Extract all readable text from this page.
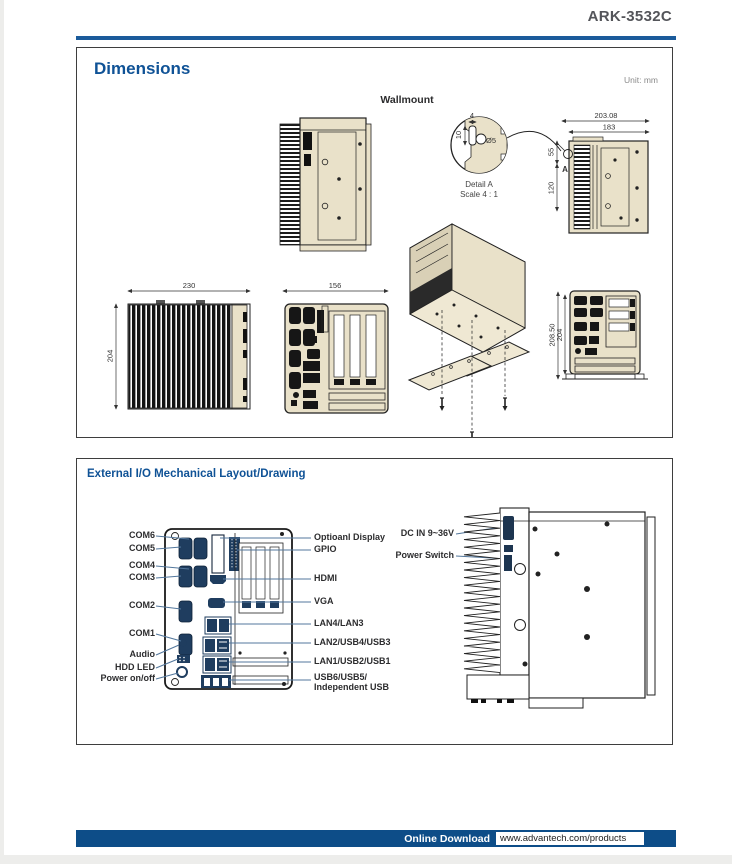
ARK-3532C
Dimensions
Unit: mm
Wallmount
4
10
Ø5
Detail A
Scale 4 : 1
203.08
183
55
120
A
230
204
156
208.50
204
External I/O Mechanical Layout/Drawing
COM6
COM5
COM4
COM3
COM2
COM1
Audio
HDD LED
Power on/off
Optioanl Display
GPIO
HDMI
VGA
LAN4/LAN3
LAN2/USB4/USB3
LAN1/USB2/USB1
USB6/USB5/
Independent USB
DC IN 9~36V
Power Switch
Online Download	www.advantech.com/products
